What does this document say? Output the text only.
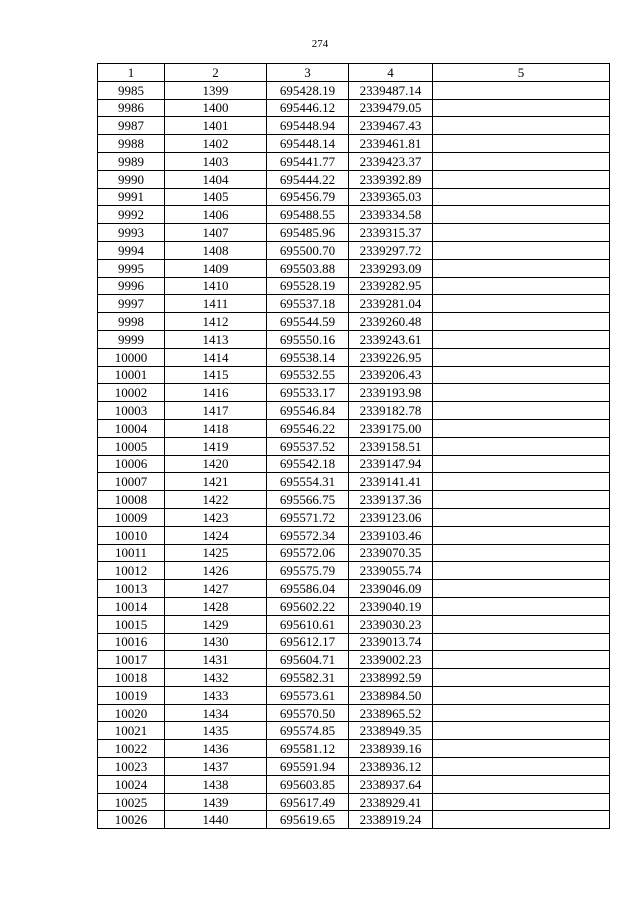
274
1	2	3	4	5
9985	1399	695428.19	2339487.14	
9986	1400	695446.12	2339479.05	
9987	1401	695448.94	2339467.43	
9988	1402	695448.14	2339461.81	
9989	1403	695441.77	2339423.37	
9990	1404	695444.22	2339392.89	
9991	1405	695456.79	2339365.03	
9992	1406	695488.55	2339334.58	
9993	1407	695485.96	2339315.37	
9994	1408	695500.70	2339297.72	
9995	1409	695503.88	2339293.09	
9996	1410	695528.19	2339282.95	
9997	1411	695537.18	2339281.04	
9998	1412	695544.59	2339260.48	
9999	1413	695550.16	2339243.61	
10000	1414	695538.14	2339226.95	
10001	1415	695532.55	2339206.43	
10002	1416	695533.17	2339193.98	
10003	1417	695546.84	2339182.78	
10004	1418	695546.22	2339175.00	
10005	1419	695537.52	2339158.51	
10006	1420	695542.18	2339147.94	
10007	1421	695554.31	2339141.41	
10008	1422	695566.75	2339137.36	
10009	1423	695571.72	2339123.06	
10010	1424	695572.34	2339103.46	
10011	1425	695572.06	2339070.35	
10012	1426	695575.79	2339055.74	
10013	1427	695586.04	2339046.09	
10014	1428	695602.22	2339040.19	
10015	1429	695610.61	2339030.23	
10016	1430	695612.17	2339013.74	
10017	1431	695604.71	2339002.23	
10018	1432	695582.31	2338992.59	
10019	1433	695573.61	2338984.50	
10020	1434	695570.50	2338965.52	
10021	1435	695574.85	2338949.35	
10022	1436	695581.12	2338939.16	
10023	1437	695591.94	2338936.12	
10024	1438	695603.85	2338937.64	
10025	1439	695617.49	2338929.41	
10026	1440	695619.65	2338919.24	
